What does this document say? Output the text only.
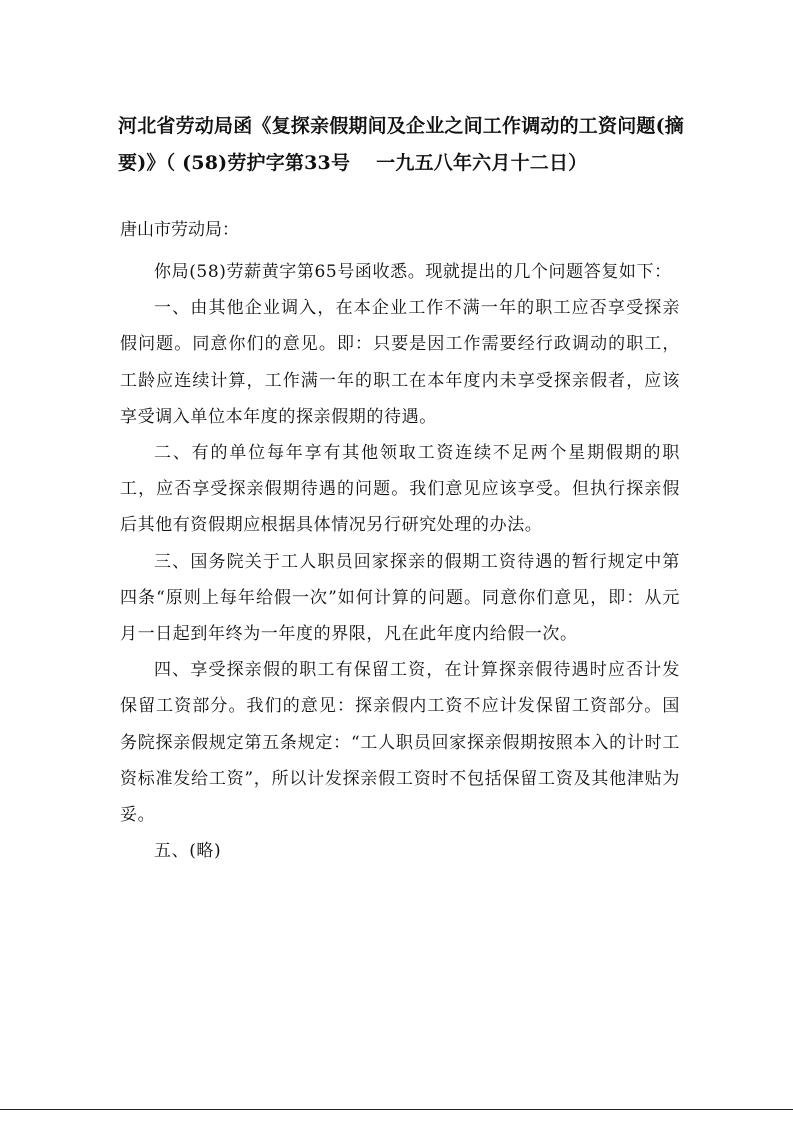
河北省劳动局函《复探亲假期间及企业之间工作调动的工资问题(摘要)》（ (58)劳护字第33号　 一九五八年六月十二日）

唐山市劳动局：

你局(58)劳薪黄字第65号函收悉。现就提出的几个问题答复如下：

一、由其他企业调入，在本企业工作不满一年的职工应否享受探亲假问题。同意你们的意见。即：只要是因工作需要经行政调动的职工，工龄应连续计算，工作满一年的职工在本年度内未享受探亲假者，应该享受调入单位本年度的探亲假期的待遇。

二、有的单位每年享有其他领取工资连续不足两个星期假期的职工，应否享受探亲假期待遇的问题。我们意见应该享受。但执行探亲假后其他有资假期应根据具体情况另行研究处理的办法。

三、国务院关于工人职员回家探亲的假期工资待遇的暂行规定中第四条“原则上每年给假一次”如何计算的问题。同意你们意见，即：从元月一日起到年终为一年度的界限，凡在此年度内给假一次。

四、享受探亲假的职工有保留工资，在计算探亲假待遇时应否计发保留工资部分。我们的意见：探亲假内工资不应计发保留工资部分。国务院探亲假规定第五条规定：“工人职员回家探亲假期按照本入的计时工资标准发给工资”，所以计发探亲假工资时不包括保留工资及其他津贴为妥。

五、(略)
